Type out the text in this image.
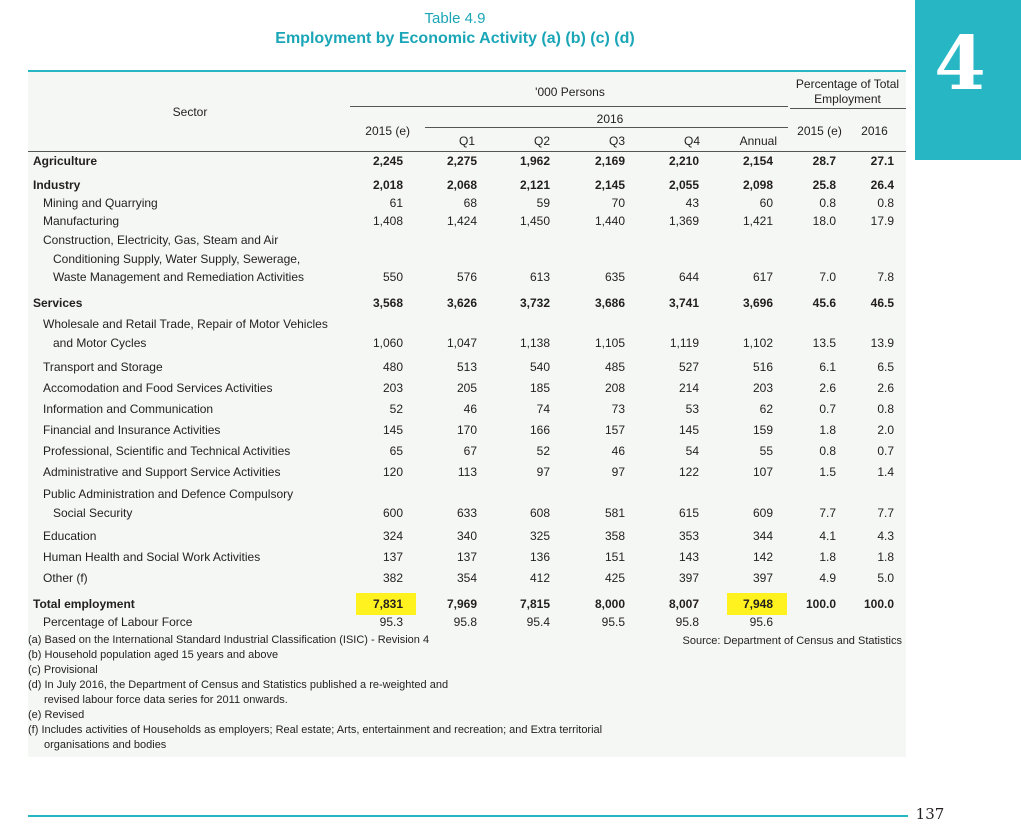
Table 4.9
Employment by Economic Activity (a) (b) (c) (d)	4
Sector
'000 Persons
Percentage of Total
Employment
2016
2015 (e)
Q1	Q2	Q3	Q4	Annual
2015 (e)	2016
Agriculture	2,245	2,275	1,962	2,169	2,210	2,154	28.7	27.1
Industry	2,018	2,068	2,121	2,145	2,055	2,098	25.8	26.4
Mining and Quarrying	61	68	59	70	43	60	0.8	0.8
Manufacturing	1,408	1,424	1,450	1,440	1,369	1,421	18.0	17.9
Construction, Electricity, Gas, Steam and Air
Conditioning Supply, Water Supply, Sewerage,
Waste Management and Remediation Activities	550	576	613	635	644	617	7.0	7.8
Services	3,568	3,626	3,732	3,686	3,741	3,696	45.6	46.5
Wholesale and Retail Trade, Repair of Motor Vehicles
and Motor Cycles	1,060	1,047	1,138	1,105	1,119	1,102	13.5	13.9
Transport and Storage	480	513	540	485	527	516	6.1	6.5
Accomodation and Food Services Activities	203	205	185	208	214	203	2.6	2.6
Information and Communication	52	46	74	73	53	62	0.7	0.8
Financial and Insurance Activities	145	170	166	157	145	159	1.8	2.0
Professional, Scientific and Technical Activities	65	67	52	46	54	55	0.8	0.7
Administrative and Support Service Activities	120	113	97	97	122	107	1.5	1.4
Public Administration and Defence Compulsory
Social Security	600	633	608	581	615	609	7.7	7.7
Education	324	340	325	358	353	344	4.1	4.3
Human Health and Social Work Activities	137	137	136	151	143	142	1.8	1.8
Other (f)	382	354	412	425	397	397	4.9	5.0
Total employment	7,831	7,969	7,815	8,000	8,007	7,948	100.0	100.0
Percentage of Labour Force	95.3	95.8	95.4	95.5	95.8	95.6
(a) Based on the International Standard Industrial Classification (ISIC) - Revision 4
(b) Household population aged 15 years and above
(c) Provisional
(d) In July 2016, the Department of Census and Statistics published a re-weighted and
revised labour force data series for 2011 onwards.
(e) Revised
(f) Includes activities of Households as employers; Real estate; Arts, entertainment and recreation; and Extra territorial
organisations and bodies
Source: Department of Census and Statistics
137
